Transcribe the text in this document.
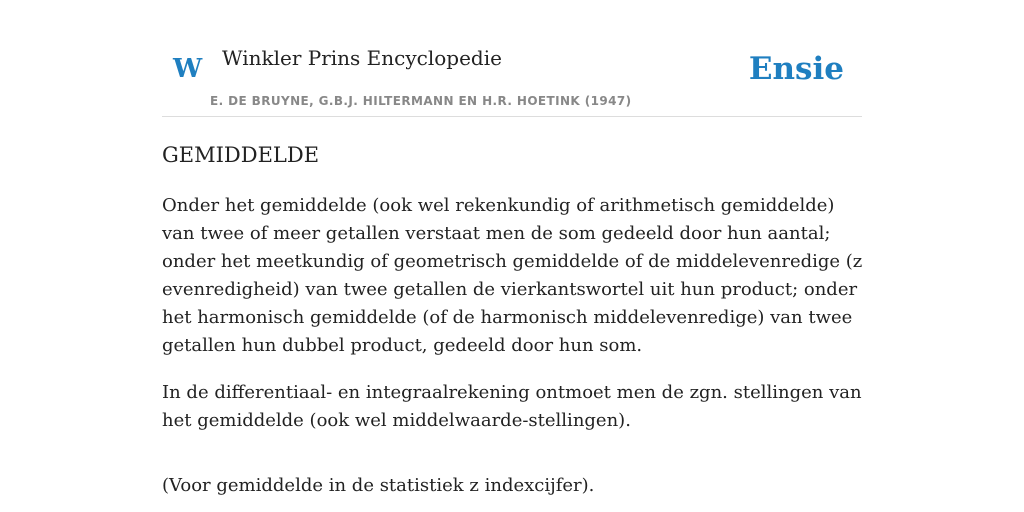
W Winkler Prins Encyclopedie
E. DE BRUYNE, G.B.J. HILTERMANN EN H.R. HOETINK (1947)
Ensie
GEMIDDELDE

Onder het gemiddelde (ook wel rekenkundig of arithmetisch gemiddelde) van twee of meer getallen verstaat men de som gedeeld door hun aantal; onder het meetkundig of geometrisch gemiddelde of de middelevenredige (z evenredigheid) van twee getallen de vierkantswortel uit hun product; onder het harmonisch gemiddelde (of de harmonisch middelevenredige) van twee getallen hun dubbel product, gedeeld door hun som.

In de differentiaal- en integraalrekening ontmoet men de zgn. stellingen van het gemiddelde (ook wel middelwaarde-stellingen).

(Voor gemiddelde in de statistiek z indexcijfer).
